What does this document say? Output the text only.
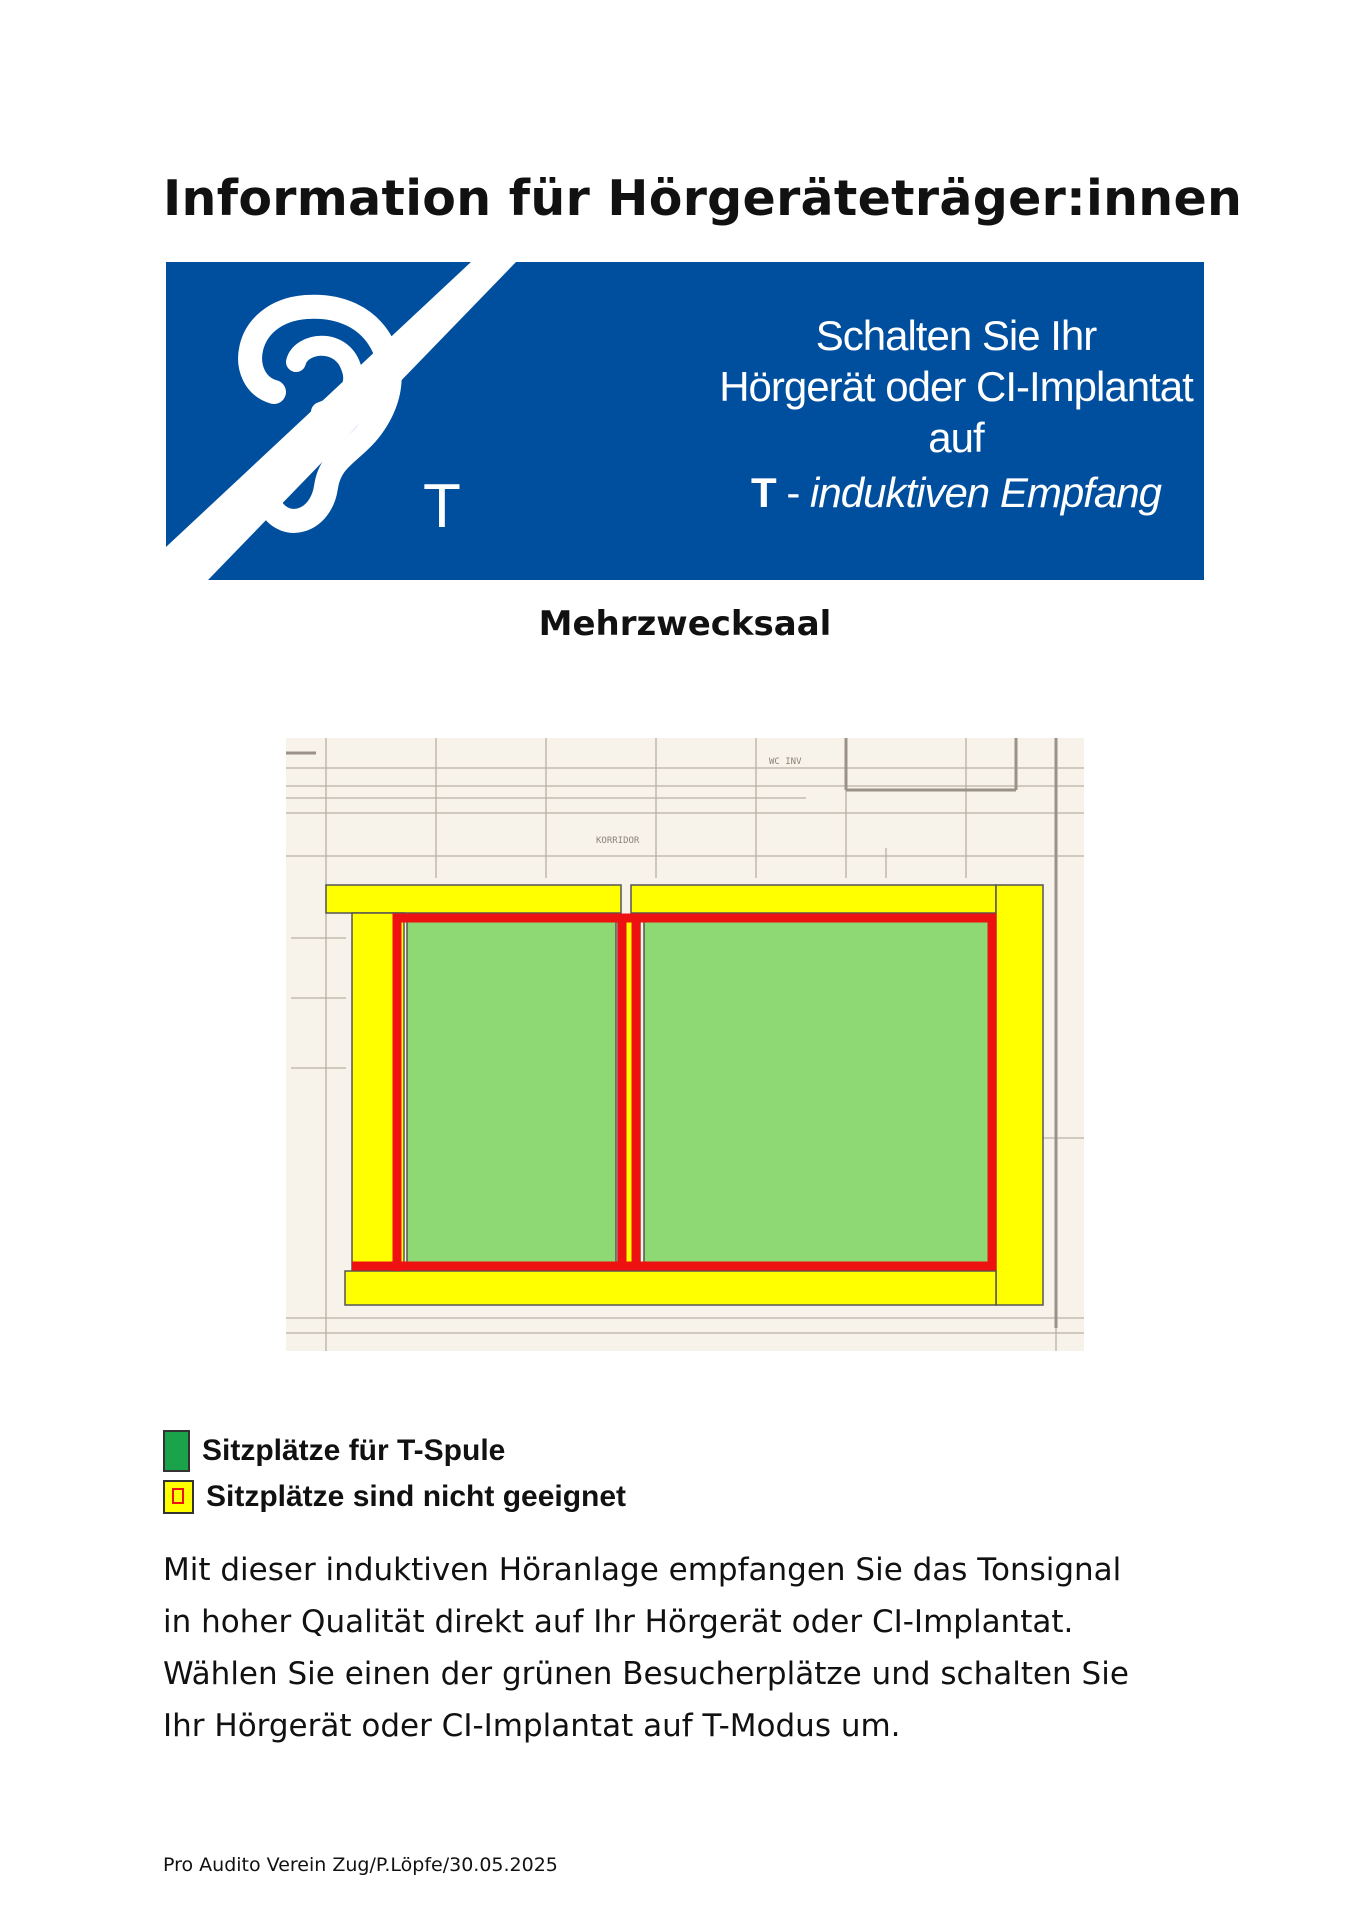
Information für Hörgeräteträger:innen
T
Schalten Sie Ihr
Hörgerät oder CI-Implantat
auf
T - induktiven Empfang
Mehrzwecksaal
KORRIDOR
WC INV
Sitzplätze für T-Spule
Sitzplätze sind nicht geeignet
Mit dieser induktiven Höranlage empfangen Sie das Tonsignal
in hoher Qualität direkt auf Ihr Hörgerät oder CI-Implantat.
Wählen Sie einen der grünen Besucherplätze und schalten Sie
Ihr Hörgerät oder CI-Implantat auf T-Modus um.

Pro Audito Verein Zug/P.Löpfe/30.05.2025
